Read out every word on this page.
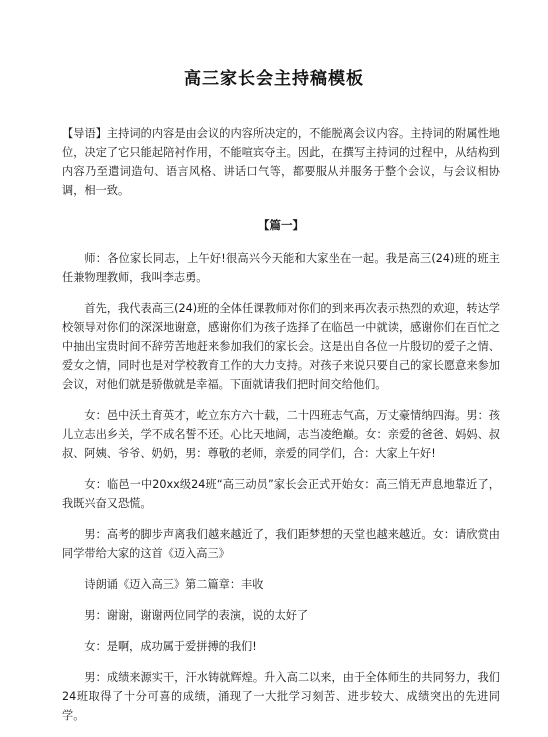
高三家长会主持稿模板

【导语】主持词的内容是由会议的内容所决定的，不能脱离会议内容。主持词的附属性地位，决定了它只能起陪衬作用，不能喧宾夺主。因此，在撰写主持词的过程中，从结构到内容乃至遣词造句、语言风格、讲话口气等，都要服从并服务于整个会议，与会议相协调，相一致。

【篇一】

师：各位家长同志，上午好!很高兴今天能和大家坐在一起。我是高三(24)班的班主任兼物理教师，我叫李志勇。

首先，我代表高三(24)班的全体任课教师对你们的到来再次表示热烈的欢迎，转达学校领导对你们的深深地谢意，感谢你们为孩子选择了在临邑一中就读，感谢你们在百忙之中抽出宝贵时间不辞劳苦地赶来参加我们的家长会。这是出自各位一片殷切的爱子之情、爱女之情，同时也是对学校教育工作的大力支持。对孩子来说只要自己的家长愿意来参加会议，对他们就是骄傲就是幸福。下面就请我们把时间交给他们。

女：邑中沃土育英才，屹立东方六十载，二十四班志气高，万丈豪情纳四海。男：孩儿立志出乡关，学不成名誓不还。心比天地阔，志当凌绝巅。女：亲爱的爸爸、妈妈、叔叔、阿姨、爷爷、奶奶，男：尊敬的老师，亲爱的同学们，合：大家上午好!

女：临邑一中20xx级24班“高三动员”家长会正式开始女：高三悄无声息地靠近了，我既兴奋又恐慌。

男：高考的脚步声离我们越来越近了，我们距梦想的天堂也越来越近。女：请欣赏由同学带给大家的这首《迈入高三》

诗朗诵《迈入高三》第二篇章：丰收

男：谢谢，谢谢两位同学的表演，说的太好了

女：是啊，成功属于爱拼搏的我们!

男：成绩来源实干，汗水铸就辉煌。升入高二以来，由于全体师生的共同努力，我们24班取得了十分可喜的成绩，涌现了一大批学习刻苦、进步较大、成绩突出的先进同学。
